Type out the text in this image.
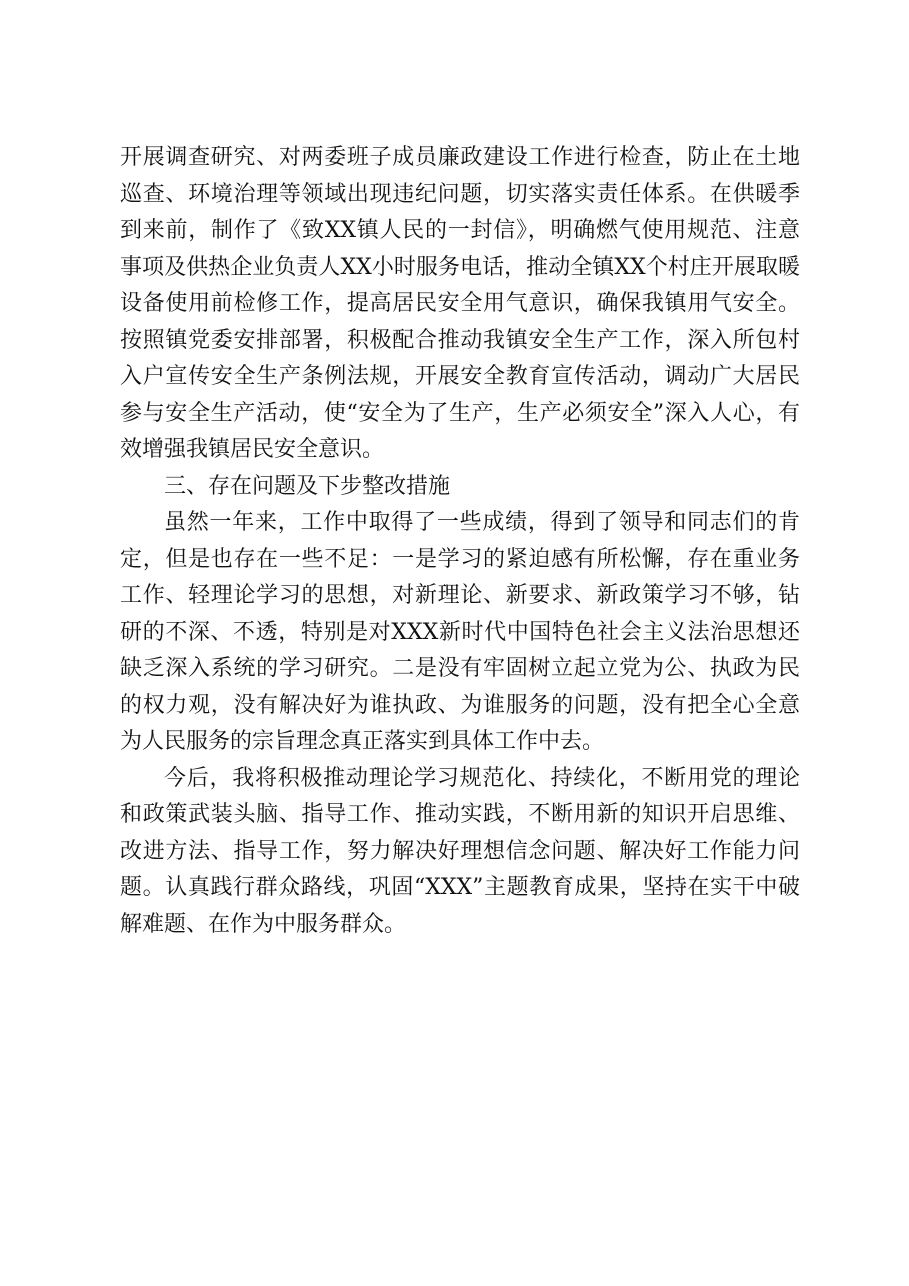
开展调查研究、对两委班子成员廉政建设工作进行检查，防止在土地巡查、环境治理等领域出现违纪问题，切实落实责任体系。在供暖季到来前，制作了《致XX镇人民的一封信》，明确燃气使用规范、注意事项及供热企业负责人XX小时服务电话，推动全镇XX个村庄开展取暖设备使用前检修工作，提高居民安全用气意识，确保我镇用气安全。按照镇党委安排部署，积极配合推动我镇安全生产工作，深入所包村入户宣传安全生产条例法规，开展安全教育宣传活动，调动广大居民参与安全生产活动，使“安全为了生产，生产必须安全”深入人心，有效增强我镇居民安全意识。

三、存在问题及下步整改措施

虽然一年来，工作中取得了一些成绩，得到了领导和同志们的肯定，但是也存在一些不足：一是学习的紧迫感有所松懈，存在重业务工作、轻理论学习的思想，对新理论、新要求、新政策学习不够，钻研的不深、不透，特别是对XXX新时代中国特色社会主义法治思想还缺乏深入系统的学习研究。二是没有牢固树立起立党为公、执政为民的权力观，没有解决好为谁执政、为谁服务的问题，没有把全心全意为人民服务的宗旨理念真正落实到具体工作中去。

今后，我将积极推动理论学习规范化、持续化，不断用党的理论和政策武装头脑、指导工作、推动实践，不断用新的知识开启思维、改进方法、指导工作，努力解决好理想信念问题、解决好工作能力问题。认真践行群众路线，巩固“XXX”主题教育成果，坚持在实干中破解难题、在作为中服务群众。
